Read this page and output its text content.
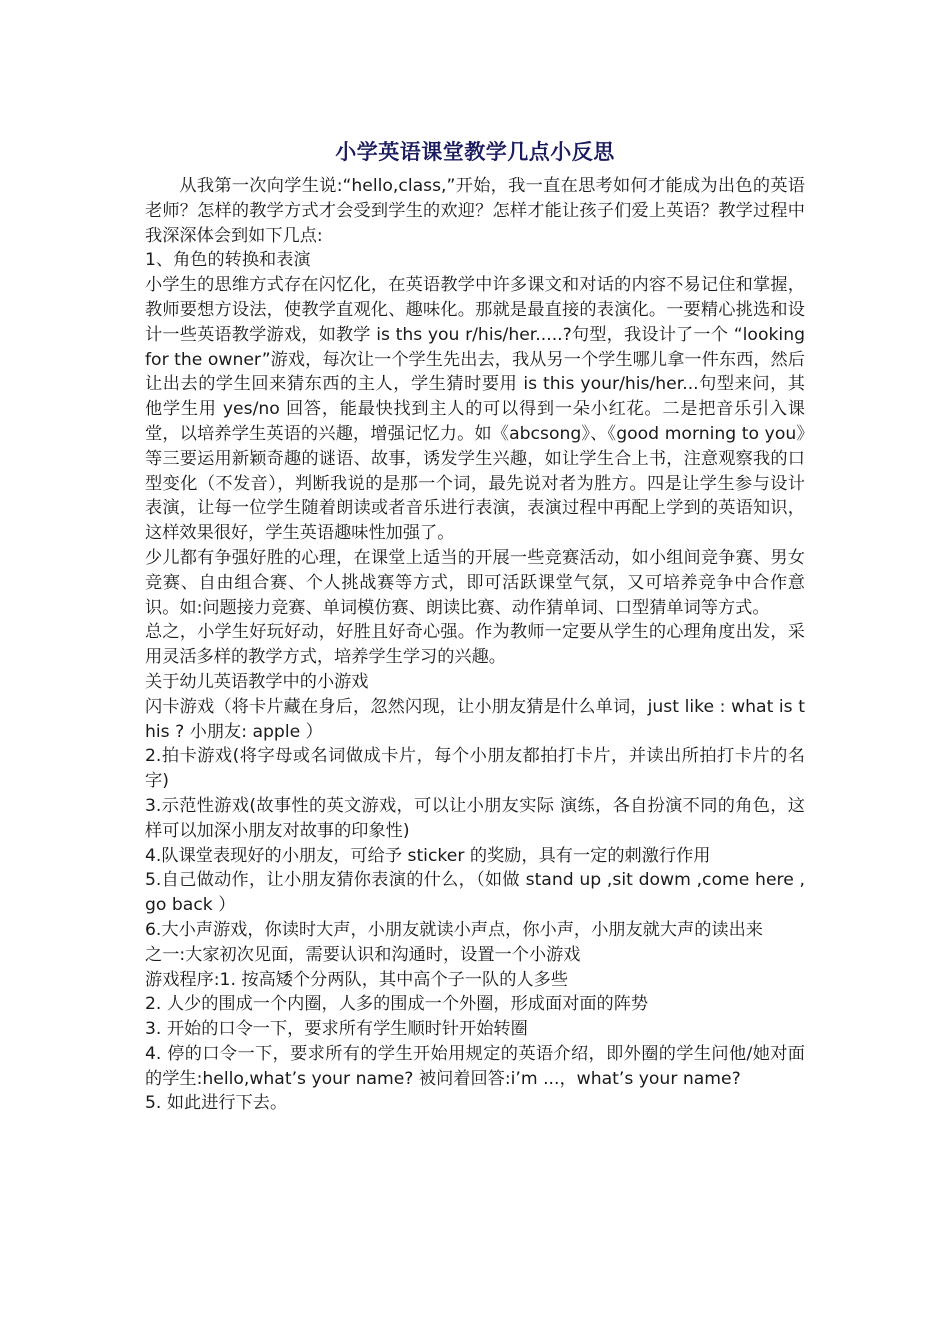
小学英语课堂教学几点小反思

从我第一次向学生说:“hello,class,”开始，我一直在思考如何才能成为出色的英语老师？怎样的教学方式才会受到学生的欢迎？怎样才能让孩子们爱上英语？教学过程中我深深体会到如下几点:

1、角色的转换和表演

小学生的思维方式存在闪忆化，在英语教学中许多课文和对话的内容不易记住和掌握，教师要想方设法，使教学直观化、趣味化。那就是最直接的表演化。一要精心挑选和设计一些英语教学游戏，如教学 is ths you r/his/her.....?句型，我设计了一个 “looking for the owner”游戏，每次让一个学生先出去，我从另一个学生哪儿拿一件东西，然后让出去的学生回来猜东西的主人，学生猜时要用 is this your/his/her...句型来问，其他学生用 yes/no 回答，能最快找到主人的可以得到一朵小红花。二是把音乐引入课堂，以培养学生英语的兴趣，增强记忆力。如《abcsong》、《good morning to you》等三要运用新颖奇趣的谜语、故事，诱发学生兴趣，如让学生合上书，注意观察我的口型变化（不发音），判断我说的是那一个词，最先说对者为胜方。四是让学生参与设计表演，让每一位学生随着朗读或者音乐进行表演，表演过程中再配上学到的英语知识，这样效果很好，学生英语趣味性加强了。

少儿都有争强好胜的心理，在课堂上适当的开展一些竞赛活动，如小组间竞争赛、男女竞赛、自由组合赛、个人挑战赛等方式，即可活跃课堂气氛，又可培养竞争中合作意识。如:问题接力竞赛、单词模仿赛、朗读比赛、动作猜单词、口型猜单词等方式。

总之，小学生好玩好动，好胜且好奇心强。作为教师一定要从学生的心理角度出发，采用灵活多样的教学方式，培养学生学习的兴趣。

关于幼儿英语教学中的小游戏

闪卡游戏（将卡片藏在身后，忽然闪现，让小朋友猜是什么单词，just like : what is this ? 小朋友: apple ）

2.拍卡游戏(将字母或名词做成卡片，每个小朋友都拍打卡片，并读出所拍打卡片的名字)

3.示范性游戏(故事性的英文游戏，可以让小朋友实际 演练，各自扮演不同的角色，这样可以加深小朋友对故事的印象性)

4.队课堂表现好的小朋友，可给予 sticker 的奖励，具有一定的刺激行作用

5.自己做动作，让小朋友猜你表演的什么，（如做 stand up ,sit dowm ,come here ,go back ）

6.大小声游戏，你读时大声，小朋友就读小声点，你小声，小朋友就大声的读出来

之一:大家初次见面，需要认识和沟通时，设置一个小游戏

游戏程序:1. 按高矮个分两队，其中高个子一队的人多些

2. 人少的围成一个内圈，人多的围成一个外圈，形成面对面的阵势

3. 开始的口令一下，要求所有学生顺时针开始转圈

4. 停的口令一下，要求所有的学生开始用规定的英语介绍，即外圈的学生问他/她对面的学生:hello,what’s your name? 被问着回答:i’m ...，what’s your name?

5. 如此进行下去。
